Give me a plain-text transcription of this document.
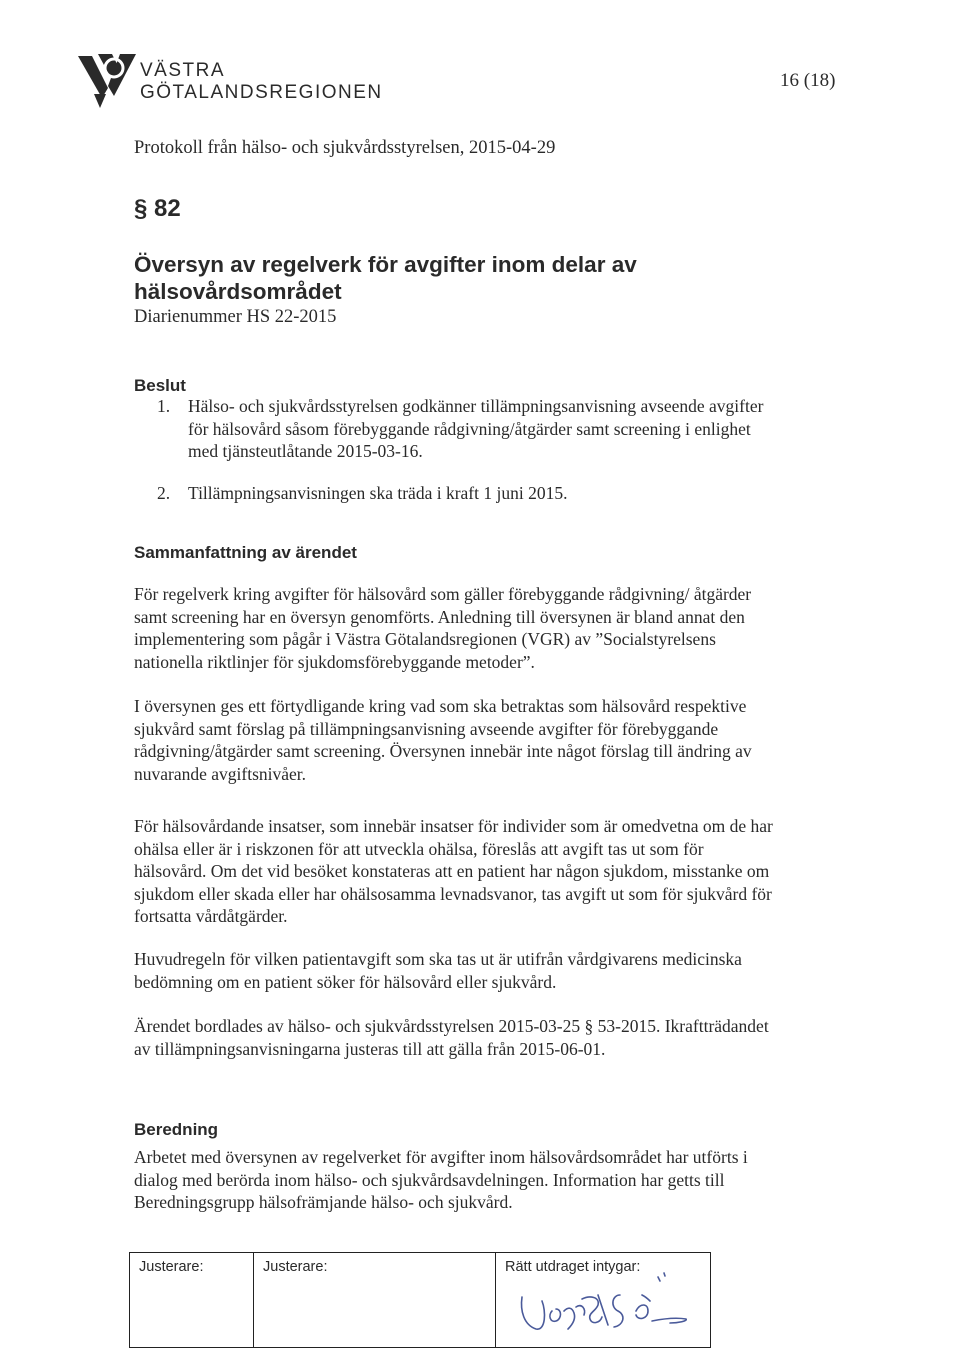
VÄSTRA
GÖTALANDSREGIONEN
16 (18)
Protokoll från hälso- och sjukvårdsstyrelsen, 2015-04-29
§ 82
Översyn av regelverk för avgifter inom delar av hälsovårdsområdet
Diarienummer HS 22-2015
Beslut
1. Hälso- och sjukvårdsstyrelsen godkänner tillämpningsanvisning avseende avgifter för hälsovård såsom förebyggande rådgivning/åtgärder samt screening i enlighet med tjänsteutlåtande 2015-03-16.
2. Tillämpningsanvisningen ska träda i kraft 1 juni 2015.
Sammanfattning av ärendet
För regelverk kring avgifter för hälsovård som gäller förebyggande rådgivning/ åtgärder samt screening har en översyn genomförts. Anledning till översynen är bland annat den implementering som pågår i Västra Götalandsregionen (VGR) av ”Socialstyrelsens nationella riktlinjer för sjukdomsförebyggande metoder”.
I översynen ges ett förtydligande kring vad som ska betraktas som hälsovård respektive sjukvård samt förslag på tillämpningsanvisning avseende avgifter för förebyggande rådgivning/åtgärder samt screening. Översynen innebär inte något förslag till ändring av nuvarande avgiftsnivåer.
För hälsovårdande insatser, som innebär insatser för individer som är omedvetna om de har ohälsa eller är i riskzonen för att utveckla ohälsa, föreslås att avgift tas ut som för hälsovård. Om det vid besöket konstateras att en patient har någon sjukdom, misstanke om sjukdom eller skada eller har ohälsosamma levnadsvanor, tas avgift ut som för sjukvård för fortsatta vårdåtgärder.
Huvudregeln för vilken patientavgift som ska tas ut är utifrån vårdgivarens medicinska bedömning om en patient söker för hälsovård eller sjukvård.
Ärendet bordlades av hälso- och sjukvårdsstyrelsen 2015-03-25 § 53-2015. Ikraftträdandet av tillämpningsanvisningarna justeras till att gälla från 2015-06-01.
Beredning
Arbetet med översynen av regelverket för avgifter inom hälsovårdsområdet har utförts i dialog med berörda inom hälso- och sjukvårdsavdelningen. Information har getts till Beredningsgrupp hälsofrämjande hälso- och sjukvård.
Justerare:	Justerare:	Rätt utdraget intygar:
